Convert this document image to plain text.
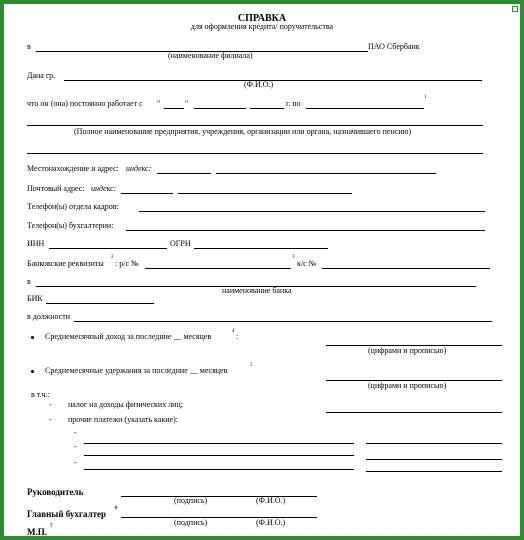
СПРАВКА
для оформления кредита/ поручительства
в	ПАО Сбербанк
(наименование филиала)
Дана гр.
(Ф.И.О.)
что он (она) постоянно работает с "	"	г. по
1
(Полное наименование предприятия, учреждения, организации или органа, назначившего пенсию)
Местонахождение и адрес: индекс:
Почтовый адрес: индекс:
Телефон(ы) отдела кадров:
Телефон(ы) бухгалтерии:
ИНН	ОГРН
Банковские реквизиты
2
: р/с №
3
к/с №
в
наименование банка
БИК
в должности
Среднемесячный доход за последние __ месяцев
4
:
(цифрами и прописью)
Среднемесячные удержания за последние __ месяцев
5
(цифрами и прописью)
в т.ч.:
- налог на доходы физических лиц;
- прочие платежи (указать какие):
-
-
-
Руководитель
(подпись)	(Ф.И.О.)
Главный бухгалтер
6
(подпись)	(Ф.И.О.)
М.П.
7
